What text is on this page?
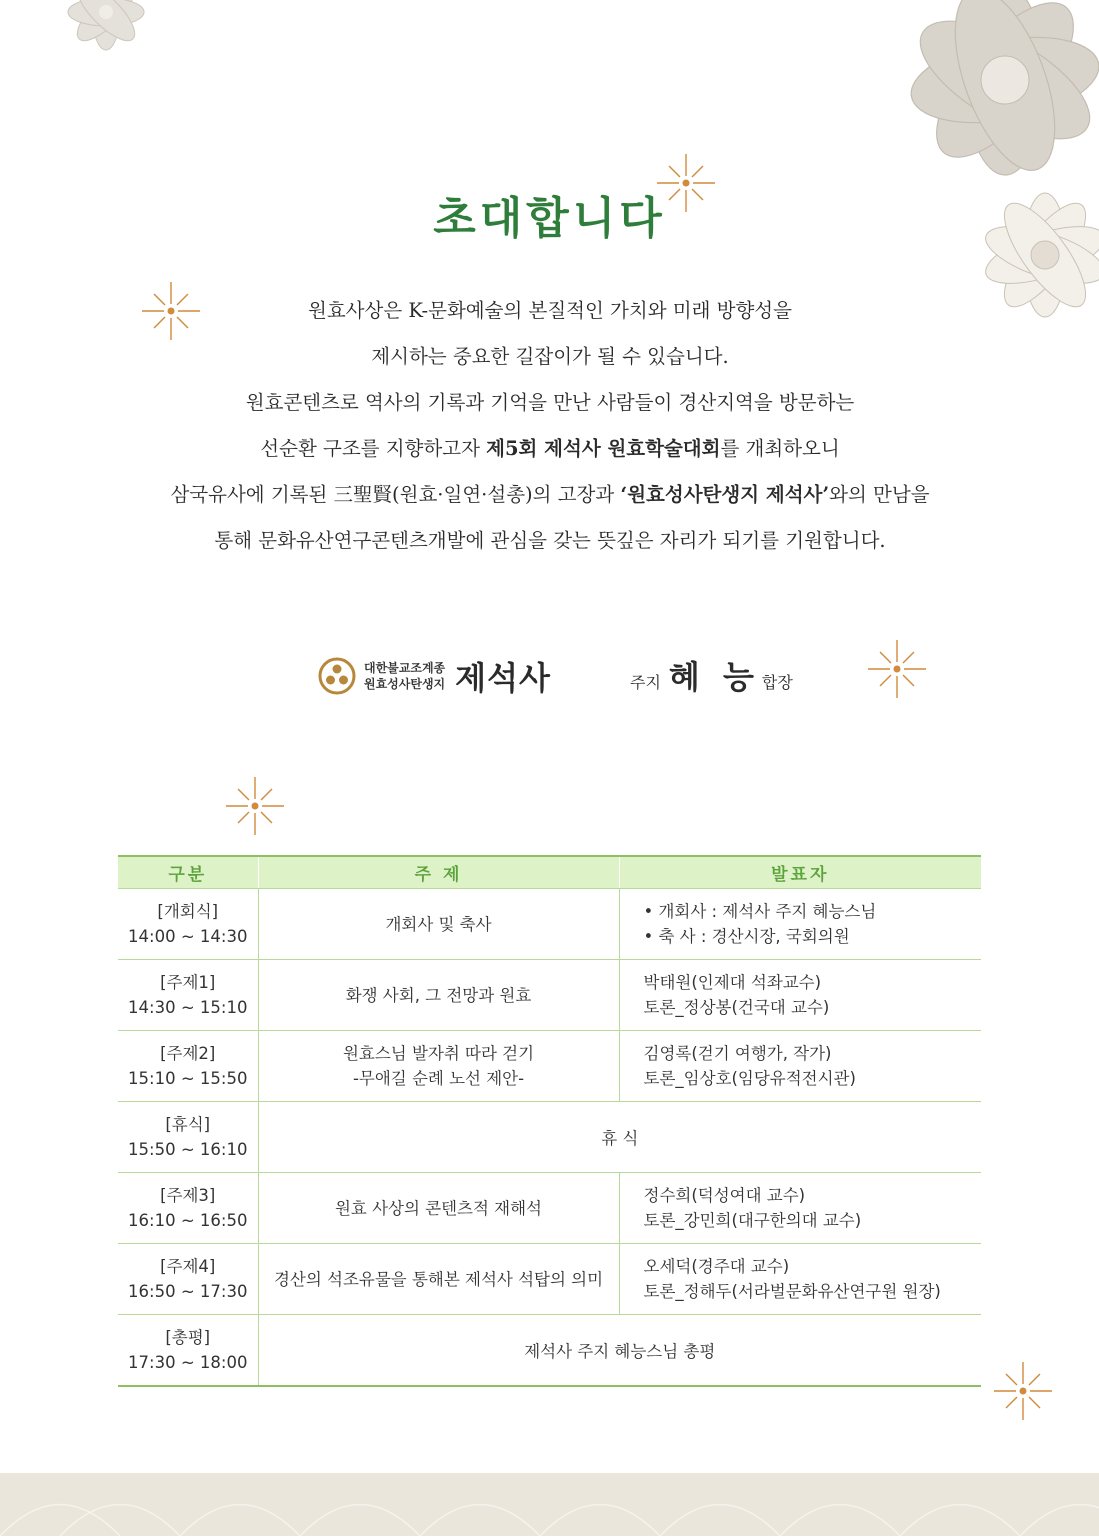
초대합니다
원효사상은 K-문화예술의 본질적인 가치와 미래 방향성을
제시하는 중요한 길잡이가 될 수 있습니다.
원효콘텐츠로 역사의 기록과 기억을 만난 사람들이 경산지역을 방문하는
선순환 구조를 지향하고자 제5회 제석사 원효학술대회를 개최하오니
삼국유사에 기록된 三聖賢(원효·일연·설총)의 고장과 ‘원효성사탄생지 제석사’와의 만남을
통해 문화유산연구콘텐츠개발에 관심을 갖는 뜻깊은 자리가 되기를 기원합니다.
대한불교조계종
원효성사탄생지 제석사	주지 혜 능 합장
구분	주 제	발표자

[개회식]
14:00 ~ 14:30	개회사 및 축사	• 개회사 : 제석사 주지 혜능스님
• 축 사 : 경산시장, 국회의원

[주제1]
14:30 ~ 15:10	화쟁 사회, 그 전망과 원효	박태원(인제대 석좌교수)
토론_정상봉(건국대 교수)

[주제2]
15:10 ~ 15:50	원효스님 발자취 따라 걷기
-무애길 순례 노선 제안-	김영록(걷기 여행가, 작가)
토론_임상호(임당유적전시관)

[휴식]
15:50 ~ 16:10	휴 식	

[주제3]
16:10 ~ 16:50	원효 사상의 콘텐츠적 재해석	정수희(덕성여대 교수)
토론_강민희(대구한의대 교수)

[주제4]
16:50 ~ 17:30	경산의 석조유물을 통해본 제석사 석탑의 의미	오세덕(경주대 교수)
토론_정해두(서라벌문화유산연구원 원장)

[총평]
17:30 ~ 18:00	제석사 주지 혜능스님 총평	
